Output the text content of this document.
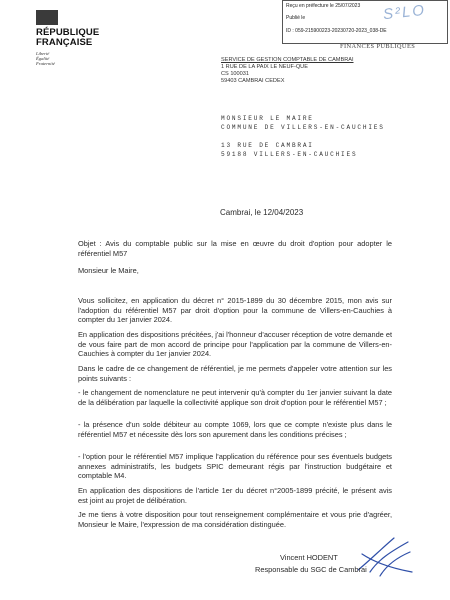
RÉPUBLIQUE
FRANÇAISE
Liberté
Égalité
Fraternité
Reçu en préfecture le 25/07/2023
Publié le
ID : 059-215900223-20230720-2023_038-DE
S²LO
FINANCES PUBLIQUES
SERVICE DE GESTION COMPTABLE DE CAMBRAI
1 RUE DE LA PAIX LE NEUF-QUE
CS 100031
59403 CAMBRAI CEDEX
MONSIEUR LE MAIRE
COMMUNE DE VILLERS-EN-CAUCHIES
13 RUE DE CAMBRAI
59188 VILLERS-EN-CAUCHIES
Cambrai, le 12/04/2023
Objet : Avis du comptable public sur la mise en œuvre du droit d'option pour adopter le référentiel M57
Monsieur le Maire,
Vous sollicitez, en application du décret n° 2015-1899 du 30 décembre 2015, mon avis sur l'adoption du référentiel M57 par droit d'option pour la commune de Villers-en-Cauchies à compter du 1er janvier 2024.
En application des dispositions précitées, j'ai l'honneur d'accuser réception de votre demande et de vous faire part de mon accord de principe pour l'application par la commune de Villers-en-Cauchies à compter du 1er janvier 2024.
Dans le cadre de ce changement de référentiel, je me permets d'appeler votre attention sur les points suivants :
- le changement de nomenclature ne peut intervenir qu'à compter du 1er janvier suivant la date de la délibération par laquelle la collectivité applique son droit d'option pour le référentiel M57 ;
- la présence d'un solde débiteur au compte 1069, lors que ce compte n'existe plus dans le référentiel M57 et nécessite dès lors son apurement dans les conditions précises ;
- l'option pour le référentiel M57 implique l'application du référence pour ses éventuels budgets annexes administratifs, les budgets SPIC demeurant régis par l'instruction budgétaire et comptable M4.
En application des dispositions de l'article 1er du décret n°2005-1899 précité, le présent avis est joint au projet de délibération.
Je me tiens à votre disposition pour tout renseignement complémentaire et vous prie d'agréer, Monsieur le Maire, l'expression de ma considération distinguée.
Vincent HODENT
Responsable du SGC de Cambrai
